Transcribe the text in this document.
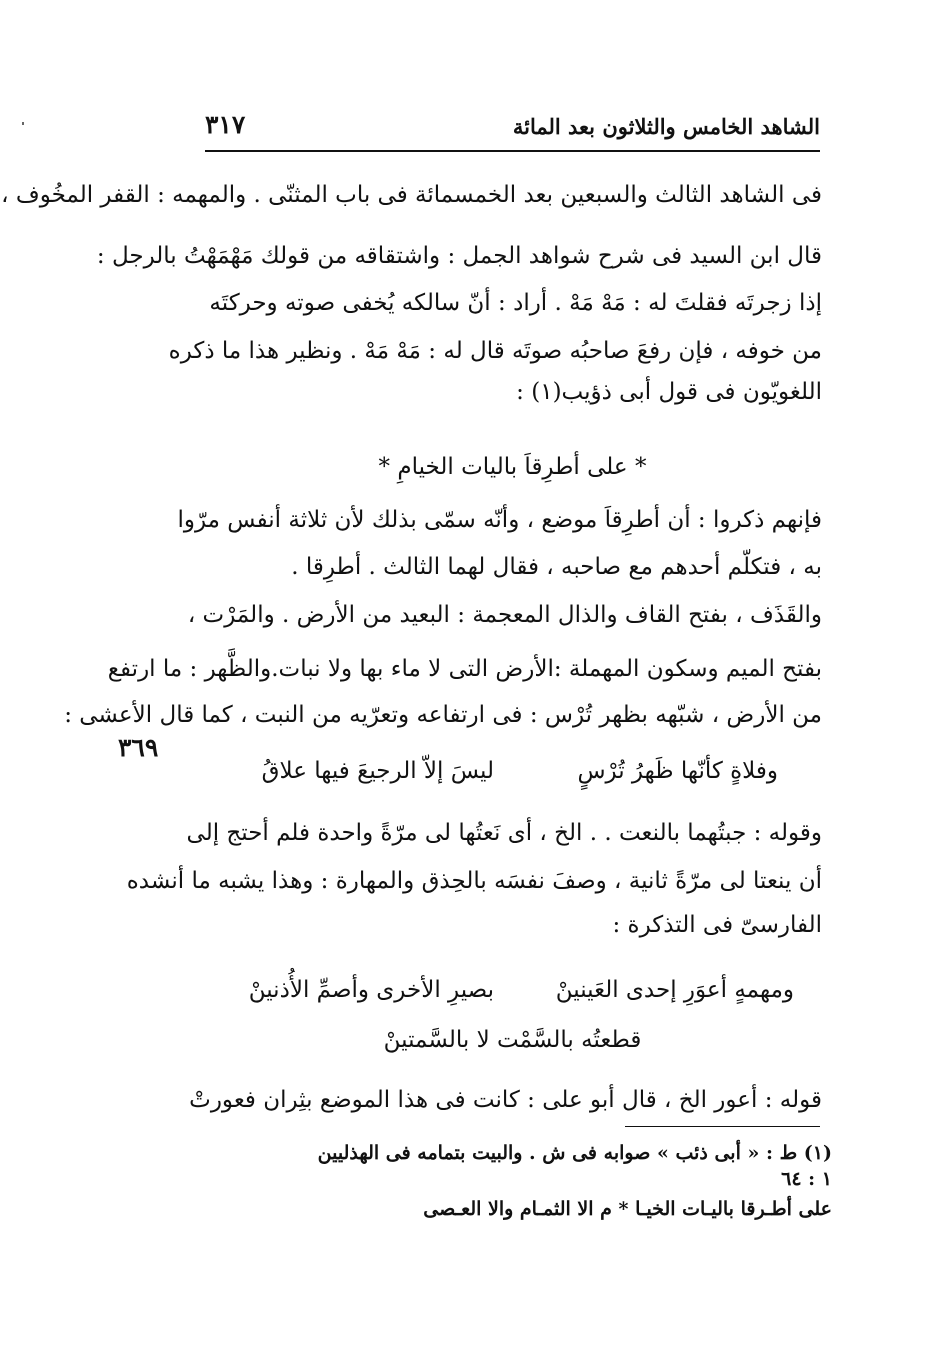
الشاهد الخامس والثلاثون بعد المائة
٣١٧
٣٦٩
فى الشاهد الثالث والسبعين بعد الخمسمائة فى باب المثنّى . والمهمه : القفر المخُوف ،
قال ابن السيد فى شرح شواهد الجمل : واشتقاقه من قولك مَهْمَهْتُ بالرجل :
إذا زجرتَه فقلتَ له : مَهْ مَهْ . أراد : أنّ سالكه يُخفى صوته وحركتَه
من خوفه ، فإن رفعَ صاحبُه صوتَه قال له : مَهْ مَهْ . ونظير هذا ما ذكره
اللغويّون فى قول أبى ذؤيب(١) :
* على أطرِقاَ باليات الخيامِ *
فإنهم ذكروا : أن أطرِقاَ موضع ، وأنّه سمّى بذلك لأن ثلاثة أنفس مرّوا
به ، فتكلّم أحدهم مع صاحبه ، فقال لهما الثالث . أطرِقا .
والقَذَف ، بفتح القاف والذال المعجمة : البعيد من الأرض . والمَرْت ،
بفتح الميم وسكون المهملة :الأرض التى لا ماء بها ولا نبات.والظَّهر : ما ارتفع
من الأرض ، شبّهه بظهر تُرْس : فى ارتفاعه وتعرّيه من النبت ، كما قال الأعشى :
وفلاةٍ كأنّها ظَهرُ تُرْسٍ
ليسَ إلاّ الرجيعَ فيها علاقُ
وقوله : جبتُهما بالنعت . . الخ ، أى نَعتُها لى مرّةً واحدة فلم أحتج إلى
أن ينعتا لى مرّةً ثانية ، وصفَ نفسَه بالحِذق والمهارة : وهذا يشبه ما أنشده
الفارسىّ فى التذكرة :
ومهمهٍ أعوَرِ إحدى العَينينْ
بصيرِ الأخرى وأصمِّ الأُذنينْ
قطعتُه بالسَّمْت لا بالسَّمتينْ
قوله : أعور الخ ، قال أبو على : كانت فى هذا الموضع بثِران فعورتْ
(١) ط : « أبى ذئب » صوابه فى ش . والبيت بتمامه فى الهذليين
١ : ٦٤
على أطـرقا باليـات الخيـا * م الا الثمـام والا العـصى
